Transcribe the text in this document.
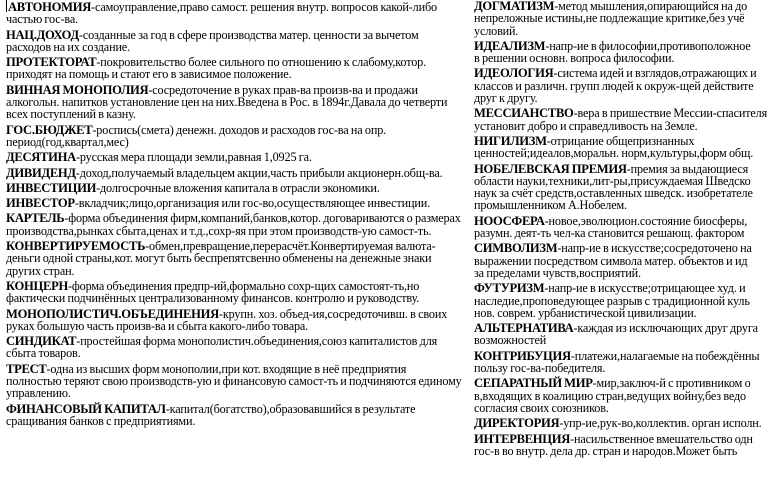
АВТОНОМИЯ-самоуправление,право самост. решения внутр. вопросов какой-либо частью гос-ва.
НАЦ.ДОХОД-созданные за год в сфере производства матер. ценности за вычетом расходов на их создание.
ПРОТЕКТОРАТ-покровительство более сильного по отношению к слабому,котор. приходят на помощь и стают его в зависимое положение.
ВИННАЯ МОНОПОЛИЯ-сосредоточение в руках прав-ва произв-ва и продажи алкогольн. напитков установление цен на них.Введена в Рос. в 1894г.Давала до четверти всех поступлений в казну.
ГОС.БЮДЖЕТ-роспись(смета) денежн. доходов и расходов гос-ва на опр. период(год,квартал,мес)
ДЕСЯТИНА-русская мера площади земли,равная 1,0925 га.
ДИВИДЕНД-доход,получаемый владельцем акции,часть прибыли акционерн.общ-ва.
ИНВЕСТИЦИИ-долгосрочные вложения капитала в отрасли экономики.
ИНВЕСТОР-вкладчик;лицо,организация или гос-во,осуществляющее инвестиции.
КАРТЕЛЬ-форма объединения фирм,компаний,банков,котор. договариваются о размерах производства,рынках сбыта,ценах и т.д.,сохр-яя при этом производств-ую самост-ть.
КОНВЕРТИРУЕМОСТЬ-обмен,превращение,перерасчёт.Конвертируемая валюта-деньги одной страны,кот. могут быть беспрепятсвенно обменены на денежные знаки других стран.
КОНЦЕРН-форма объединения предпр-ий,формально сохр-щих самостоят-ть,но фактически подчинённых централизованному финансов. контролю и руководству.
МОНОПОЛИСТИЧ.ОБЪЕДИНЕНИЯ-крупн. хоз. объед-ия,сосредоточивш. в своих руках большую часть произв-ва и сбыта какого-либо товара.
СИНДИКАТ-простейшая форма монополистич.объединения,союз капиталистов для сбыта товаров.
ТРЕСТ-одна из высших форм монополии,при кот. входящие в неё предприятия полностью теряют свою производств-ую и финансовую самост-ть и подчиняются единому управлению.
ФИНАНСОВЫЙ КАПИТАЛ-капитал(богатство),образовавшийся в результате сращивания банков с предприятиями.
ДОГМАТИЗМ-метод мышления,опирающийся на до
непреложные истины,не подлежащие критике,без учё
условий.
ИДЕАЛИЗМ-напр-ие в философии,противоположное
в решении основн. вопроса философии.
ИДЕОЛОГИЯ-система идей и взглядов,отражающих и
классов и различн. групп людей к окруж-щей действите
друг к другу.
МЕССИАНСТВО-вера в пришествие Мессии-спасителя
установит добро и справедливость на Земле.
НИГИЛИЗМ-отрицание общепризнанных
ценностей;идеалов,моральн. норм,культуры,форм общ.
НОБЕЛЕВСКАЯ ПРЕМИЯ-премия за выдающиеся
области науки,техники,лит-ры,присуждаемая Шведско
наук за счёт средств,оставленных шведск. изобретателе
промышленником А.Нобелем.
НООСФЕРА-новое,эволюцион.состояние биосферы,
разумн. деят-ть чел-ка становится решающ. фактором
СИМВОЛИЗМ-напр-ие в искусстве;сосредоточено на
выражении посредством символа матер. объектов и ид
за пределами чувств,восприятий.
ФУТУРИЗМ-напр-ие в искусстве;отрицающее худ. и
наследие,проповедующее разрыв с традиционной куль
нов. соврем. урбанистической цивилизации.
АЛЬТЕРНАТИВА-каждая из исключающих друг друга
возможностей
КОНТРИБУЦИЯ-платежи,налагаемые на побеждённы
пользу гос-ва-победителя.
СЕПАРАТНЫЙ МИР-мир,заключ-й с противником о
в,входящих в коалицию стран,ведущих войну,без ведо
согласия своих союзников.
ДИРЕКТОРИЯ-упр-ие,рук-во,коллектив. орган исполн.
ИНТЕРВЕНЦИЯ-насильственное вмешательство одн
гос-в во внутр. дела др. стран и народов.Может быть
